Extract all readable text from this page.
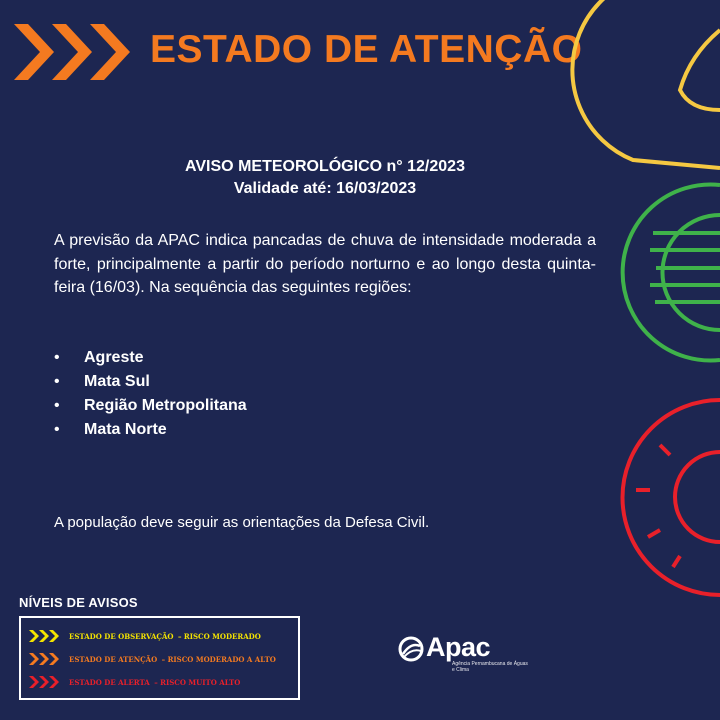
ESTADO DE ATENÇÃO
AVISO METEOROLÓGICO n° 12/2023
Validade até: 16/03/2023
A previsão da APAC indica pancadas de chuva de intensidade moderada a forte, principalmente a partir do período norturno e ao longo desta quinta-feira (16/03). Na sequência das seguintes regiões:
• Agreste
• Mata Sul
• Região Metropolitana
• Mata Norte
A população deve seguir as orientações da Defesa Civil.
NÍVEIS DE AVISOS
ESTADO DE OBSERVAÇÃO
– RISCO MODERADO
ESTADO DE ATENÇÃO
– RISCO MODERADO A ALTO
ESTADO DE ALERTA
– RISCO MUITO ALTO
Apac
Agência Pernambucana de Águas e Clima
